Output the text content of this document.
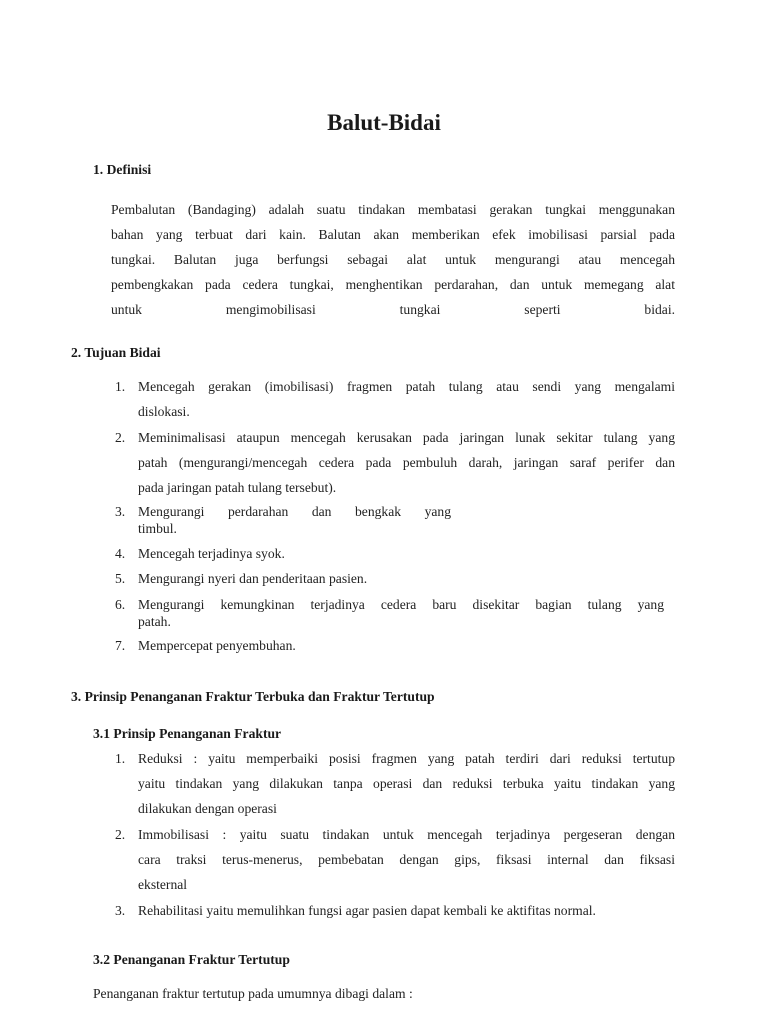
Balut-Bidai
1. Definisi
Pembalutan (Bandaging) adalah suatu tindakan membatasi gerakan tungkai menggunakan
bahan yang terbuat dari kain. Balutan akan memberikan efek imobilisasi parsial pada
tungkai. Balutan juga berfungsi sebagai alat untuk mengurangi atau mencegah
pembengkakan pada cedera tungkai, menghentikan perdarahan, dan untuk memegang alat
untuk mengimobilisasi tungkai seperti bidai.
2. Tujuan Bidai
1. Mencegah gerakan (imobilisasi) fragmen patah tulang atau sendi yang mengalami
dislokasi.
2. Meminimalisasi ataupun mencegah kerusakan pada jaringan lunak sekitar tulang yang
patah (mengurangi/mencegah cedera pada pembuluh darah, jaringan saraf perifer dan
pada jaringan patah tulang tersebut).
3. Mengurangi perdarahan dan bengkak yang
timbul.
4. Mencegah terjadinya syok.
5. Mengurangi nyeri dan penderitaan pasien.
6. Mengurangi kemungkinan terjadinya cedera baru disekitar bagian tulang yang
patah.
7. Mempercepat penyembuhan.
3. Prinsip Penanganan Fraktur Terbuka dan Fraktur Tertutup
3.1 Prinsip Penanganan Fraktur
1. Reduksi : yaitu memperbaiki posisi fragmen yang patah terdiri dari reduksi tertutup
yaitu tindakan yang dilakukan tanpa operasi dan reduksi terbuka yaitu tindakan yang
dilakukan dengan operasi
2. Immobilisasi : yaitu suatu tindakan untuk mencegah terjadinya pergeseran dengan
cara traksi terus-menerus, pembebatan dengan gips, fiksasi internal dan fiksasi
eksternal
3. Rehabilitasi yaitu memulihkan fungsi agar pasien dapat kembali ke aktifitas normal.
3.2 Penanganan Fraktur Tertutup
Penanganan fraktur tertutup pada umumnya dibagi dalam :
